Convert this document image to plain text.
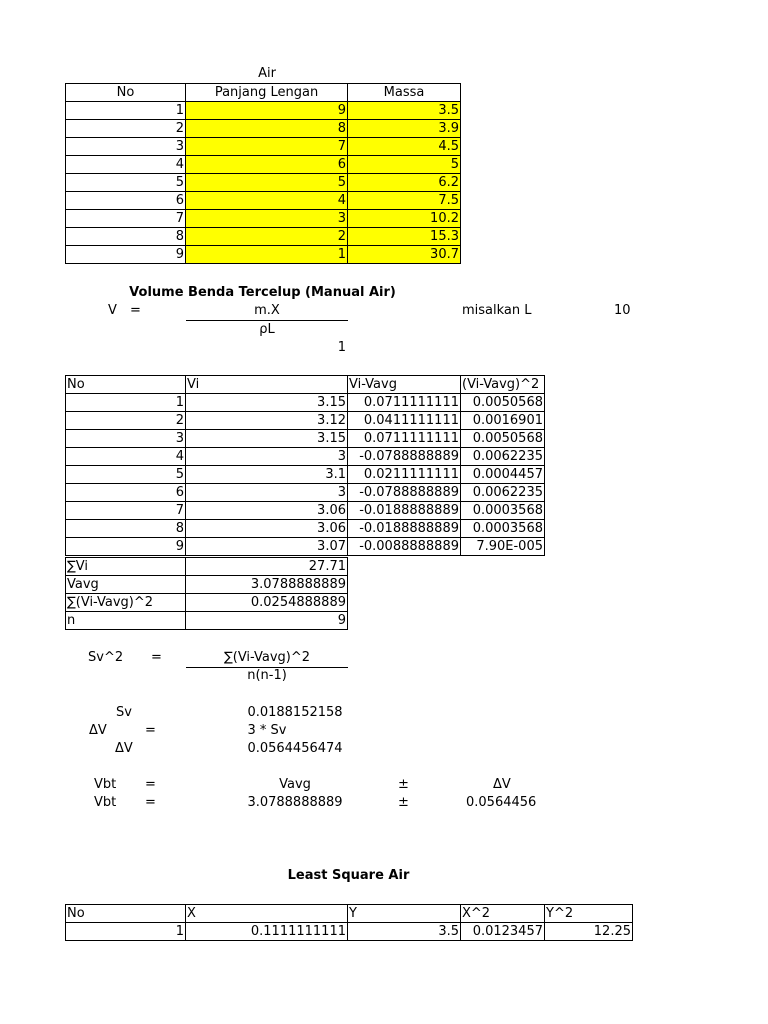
Air
No	Panjang Lengan	Massa
1	9	3.5
2	8	3.9
3	7	4.5
4	6	5
5	5	6.2
6	4	7.5
7	3	10.2
8	2	15.3
9	1	30.7
Volume Benda Tercelup (Manual Air)
V =	m.X
ρL
misalkan L	10
1
No	Vi	Vi-Vavg	(Vi-Vavg)^2
1	3.15	0.0711111111	0.0050568
2	3.12	0.0411111111	0.0016901
3	3.15	0.0711111111	0.0050568
4	3	-0.0788888889	0.0062235
5	3.1	0.0211111111	0.0004457
6	3	-0.0788888889	0.0062235
7	3.06	-0.0188888889	0.0003568
8	3.06	-0.0188888889	0.0003568
9	3.07	-0.0088888889	7.90E-005
∑Vi	27.71
Vavg	3.0788888889
∑(Vi-Vavg)^2	0.0254888889
n	9
Sv^2 =	∑(Vi-Vavg)^2
n(n-1)
Sv	0.0188152158
ΔV	=	3 * Sv
ΔV	0.0564456474
Vbt =	Vavg	±	ΔV
Vbt =	3.0788888889	±	0.0564456
Least Square Air
No	X	Y	X^2	Y^2
1	0.1111111111	3.5	0.0123457	12.25
